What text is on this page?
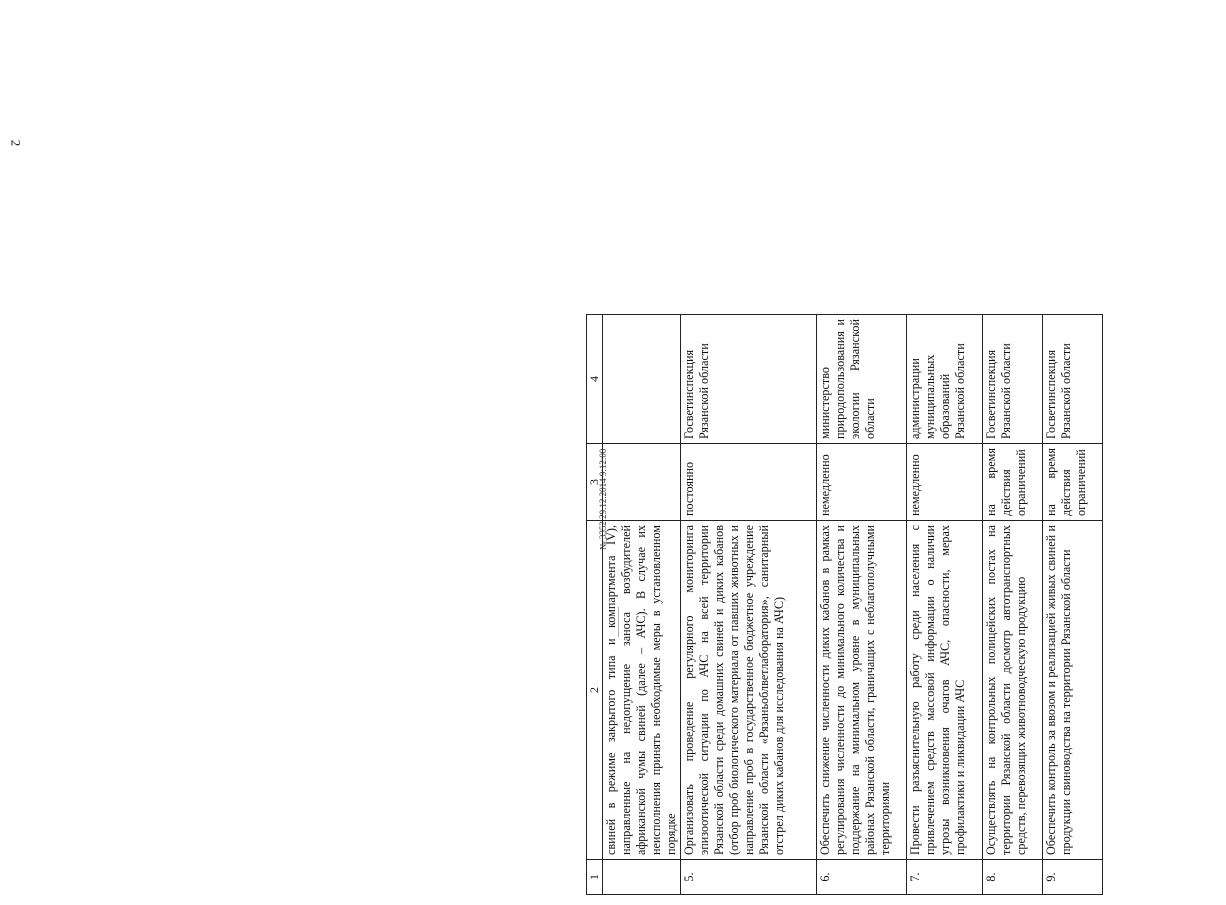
2
1	2	3	4
	свиней в режиме закрытого типа и компартмента IV), направленные на недопущение заноса возбудителей африканской чумы свиней (далее – АЧС). В случае их неисполнения принять необходимые меры в установленном порядке		
5.	Организовать проведение регулярного мониторинга эпизоотической ситуации по АЧС на всей территории Рязанской области среди домашних свиней и диких кабанов (отбор проб биологического материала от павших животных и направление проб в государственное бюджетное учреждение Рязанской области «Рязаньоблветлаборатория», санитарный отстрел диких кабанов для исследования на АЧС)	постоянно	Госветинспекция Рязанской области
6.	Обеспечить снижение численности диких кабанов в рамках регулирования численности до минимального количества и поддержание на минимальном уровне в муниципальных районах Рязанской области, граничащих с неблагополучными территориями	немедленно	министерство природопользования и экологии Рязанской области
7.	Провести разъяснительную работу среди населения с привлечением средств массовой информации о наличии угрозы возникновения очагов АЧС, опасности, мерах профилактики и ликвидации АЧС	немедленно	администрации муниципальных образований Рязанской области
8.	Осуществлять на контрольных полицейских постах на территории Рязанской области досмотр автотранспортных средств, перевозящих животноводческую продукцию	на время действия ограничений	Госветинспекция Рязанской области
9.	Обеспечить контроль за ввозом и реализацией живых свиней и продукции свиноводства на территории Рязанской области	на время действия ограничений	Госветинспекция Рязанской области
№ 3352 29.12.2014 9:12:00
